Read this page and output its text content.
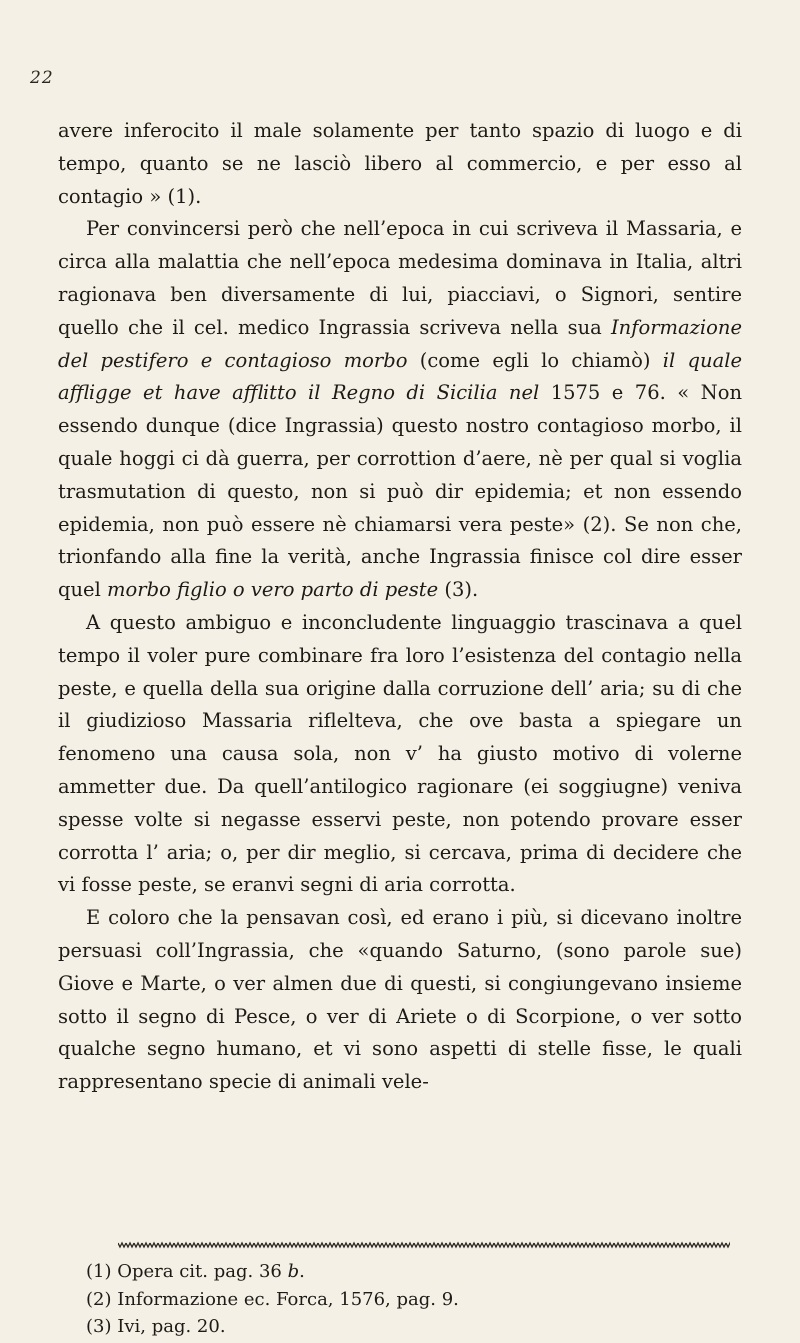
22

avere inferocito il male solamente per tanto spazio di luogo e di tempo, quanto se ne lasciò libero al commercio, e per esso al contagio » (1).

Per convincersi però che nell’epoca in cui scriveva il Massaria, e circa alla malattia che nell’epoca medesima dominava in Italia, altri ragionava ben diversamente di lui, piacciavi, o Signori, sentire quello che il cel. medico Ingrassia scriveva nella sua Informazione del pestifero e contagioso morbo (come egli lo chiamò) il quale affligge et have afflitto il Regno di Sicilia nel 1575 e 76. « Non essendo dunque (dice Ingrassia) questo nostro contagioso morbo, il quale hoggi ci dà guerra, per corrottion d’aere, nè per qual si voglia trasmutation di questo, non si può dir epidemia; et non essendo epidemia, non può essere nè chiamarsi vera peste» (2). Se non che, trionfando alla fine la verità, anche Ingrassia finisce col dire esser quel morbo figlio o vero parto di peste (3).

A questo ambiguo e inconcludente linguaggio trascinava a quel tempo il voler pure combinare fra loro l’esistenza del contagio nella peste, e quella della sua origine dalla corruzione dell’ aria; su di che il giudizioso Massaria riflelteva, che ove basta a spiegare un fenomeno una causa sola, non v’ ha giusto motivo di volerne ammetter due. Da quell’antilogico ragionare (ei soggiugne) veniva spesse volte si negasse esservi peste, non potendo provare esser corrotta l’ aria; o, per dir meglio, si cercava, prima di decidere che vi fosse peste, se eranvi segni di aria corrotta.

E coloro che la pensavan così, ed erano i più, si dicevano inoltre persuasi coll’Ingrassia, che «quando Saturno, (sono parole sue) Giove e Marte, o ver almen due di questi, si congiungevano insieme sotto il segno di Pesce, o ver di Ariete o di Scorpione, o ver sotto qualche segno humano, et vi sono aspetti di stelle fisse, le quali rappresentano specie di animali vele-

(1) Opera cit. pag. 36 b.
(2) Informazione ec. Forca, 1576, pag. 9.
(3) Ivi, pag. 20.
